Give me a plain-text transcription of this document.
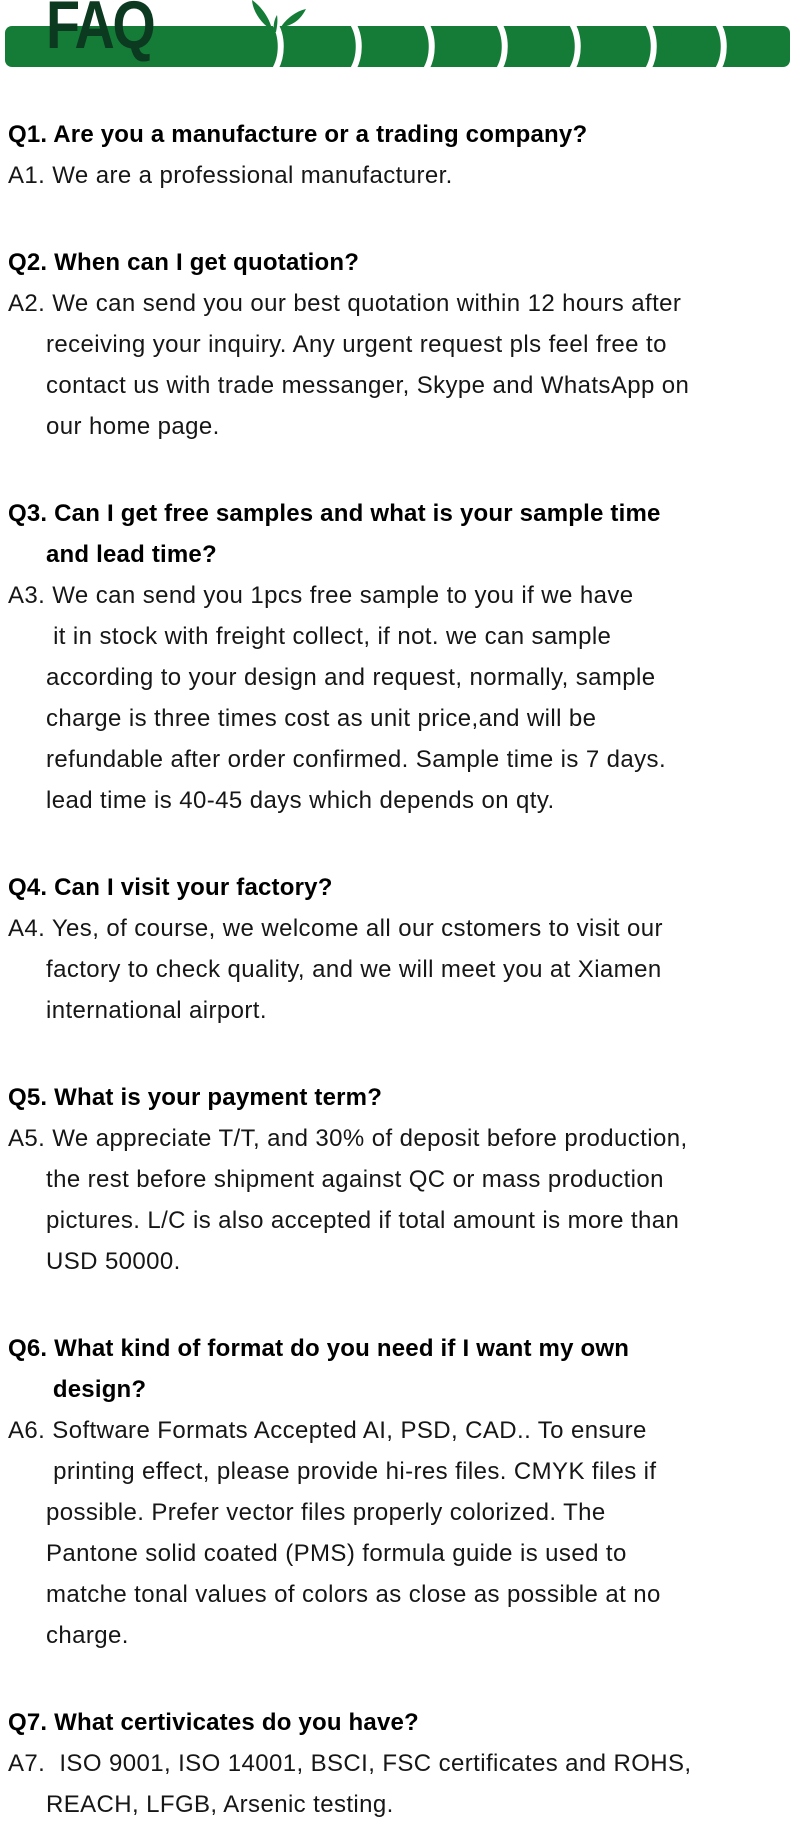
FAQ
Q1. Are you a manufacture or a trading company?
A1. We are a professional manufacturer.
Q2. When can I get quotation?
A2. We can send you our best quotation within 12 hours after
receiving your inquiry. Any urgent request pls feel free to
contact us with trade messanger, Skype and WhatsApp on
our home page.
Q3. Can I get free samples and what is your sample time
and lead time?
A3. We can send you 1pcs free sample to you if we have
it in stock with freight collect, if not. we can sample
according to your design and request, normally, sample
charge is three times cost as unit price,and will be
refundable after order confirmed. Sample time is 7 days.
lead time is 40-45 days which depends on qty.
Q4. Can I visit your factory?
A4. Yes, of course, we welcome all our cstomers to visit our
factory to check quality, and we will meet you at Xiamen
international airport.
Q5. What is your payment term?
A5. We appreciate T/T, and 30% of deposit before production,
the rest before shipment against QC or mass production
pictures. L/C is also accepted if total amount is more than
USD 50000.
Q6. What kind of format do you need if I want my own
design?
A6. Software Formats Accepted AI, PSD, CAD.. To ensure
printing effect, please provide hi-res files. CMYK files if
possible. Prefer vector files properly colorized. The
Pantone solid coated (PMS) formula guide is used to
matche tonal values of colors as close as possible at no
charge.
Q7. What certivicates do you have?
A7.  ISO 9001, ISO 14001, BSCI, FSC certificates and ROHS,
REACH, LFGB, Arsenic testing.
